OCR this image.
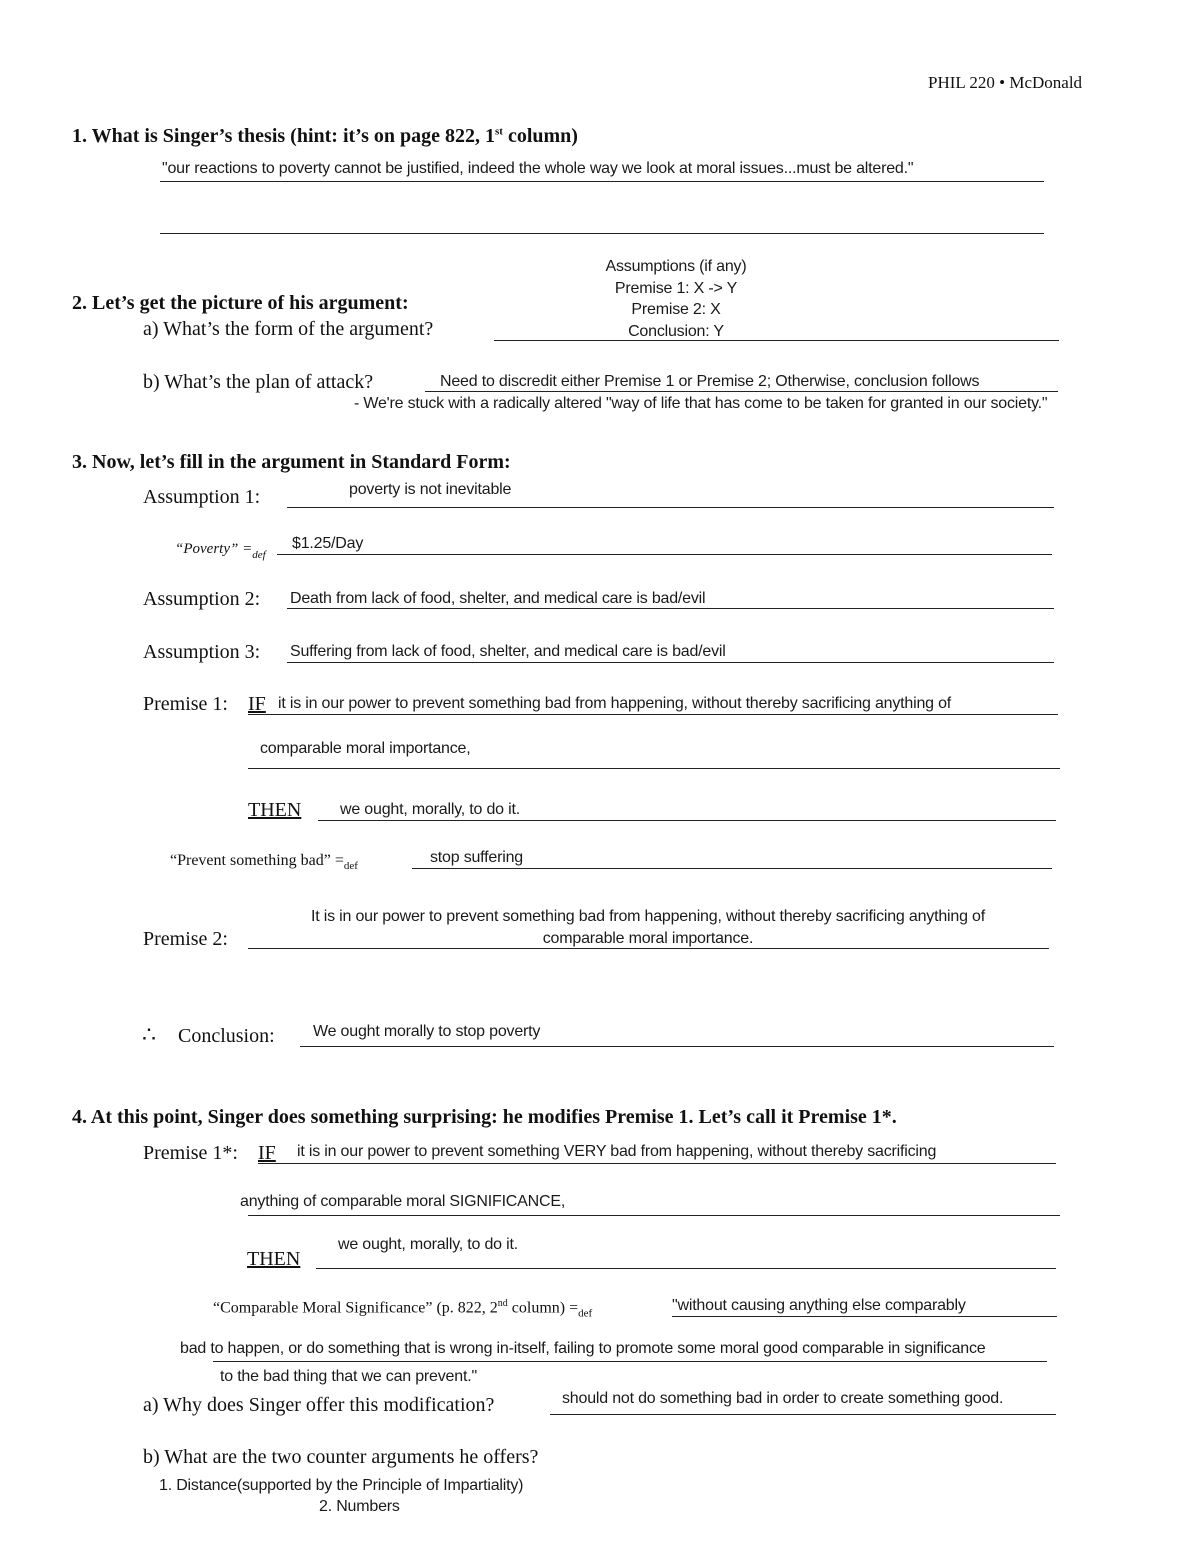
PHIL 220 • McDonald
1. What is Singer’s thesis (hint: it’s on page 822, 1st column)
"our reactions to poverty cannot be justified, indeed the whole way we look at moral issues...must be altered."
Assumptions (if any)
Premise 1: X -> Y
Premise 2: X
Conclusion: Y
2. Let’s get the picture of his argument:
a) What’s the form of the argument?
b) What’s the plan of attack?	Need to discredit either Premise 1 or Premise 2; Otherwise, conclusion follows
- We're stuck with a radically altered "way of life that has come to be taken for granted in our society."
3. Now, let’s fill in the argument in Standard Form:
Assumption 1:	poverty is not inevitable
“Poverty” $=_{def}$
$1.25/Day
Assumption 2: Death from lack of food, shelter, and medical care is bad/evil
Assumption 3: Suffering from lack of food, shelter, and medical care is bad/evil
Premise 1: IF it is in our power to prevent something bad from happening, without thereby sacrificing anything of
comparable moral importance,
THEN we ought, morally, to do it.
“Prevent something bad” $=_{def}$
stop suffering
It is in our power to prevent something bad from happening, without thereby sacrificing anything of
comparable moral importance.
Premise 2:
∴ Conclusion: We ought morally to stop poverty
4. At this point, Singer does something surprising: he modifies Premise 1. Let’s call it Premise 1*.
Premise 1*: IF it is in our power to prevent something VERY bad from happening, without thereby sacrificing
anything of comparable moral SIGNIFICANCE,
we ought, morally, to do it.
THEN
“Comparable Moral Significance” (p. 822, 2nd column) $=_{def}$	"without causing anything else comparably
bad to happen, or do something that is wrong in-itself, failing to promote some moral good comparable in significance
to the bad thing that we can prevent."
a) Why does Singer offer this modification?	should not do something bad in order to create something good.
b) What are the two counter arguments he offers?
1. Distance(supported by the Principle of Impartiality)
2. Numbers
